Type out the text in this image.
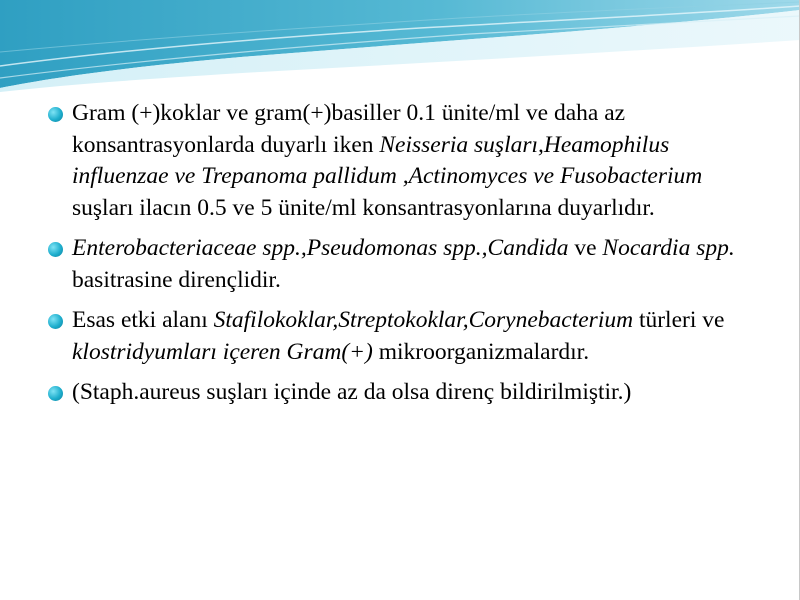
Gram (+)koklar ve gram(+)basiller 0.1 ünite/ml ve daha az konsantrasyonlarda duyarlı iken Neisseria suşları,Heamophilus influenzae ve Trepanoma pallidum ,Actinomyces ve Fusobacterium suşları ilacın 0.5 ve 5 ünite/ml konsantrasyonlarına duyarlıdır.
Enterobacteriaceae spp.,Pseudomonas spp.,Candida ve Nocardia spp. basitrasine dirençlidir.
Esas etki alanı Stafilokoklar,Streptokoklar,Corynebacterium türleri ve klostridyumları içeren Gram(+) mikroorganizmalardır.
(Staph.aureus suşları içinde az da olsa direnç bildirilmiştir.)
